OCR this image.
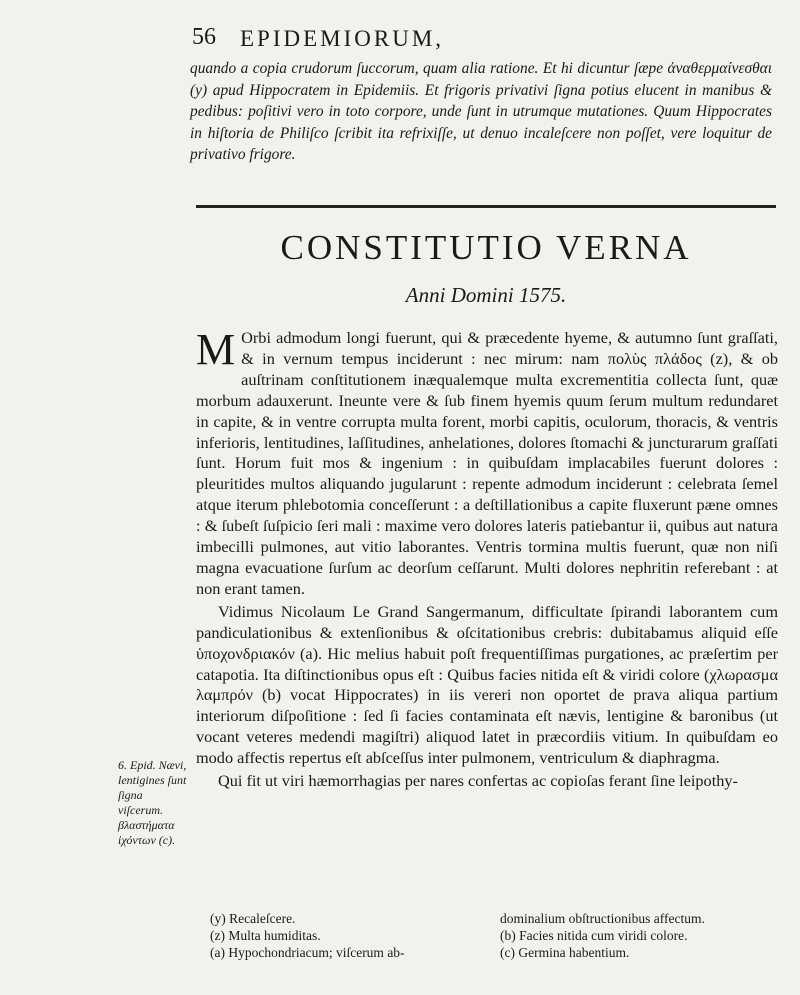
56 EPIDEMIORUM,
quando a copia crudorum ſuccorum, quam alia ratione. Et hi dicuntur ſæpe ἀναθερμαίνεσθαι (y) apud Hippocratem in Epidemiis. Et frigoris privativi ſigna potius elucent in manibus & pedibus: poſitivi vero in toto corpore, unde ſunt in utrumque mutationes. Quum Hippocrates in hiſtoria de Philiſco ſcribit ita refrixiſſe, ut denuo incaleſcere non poſſet, vere loquitur de privativo frigore.
CONSTITUTIO VERNA
Anni Domini 1575.

M Orbi admodum longi fuerunt, qui & præcedente hyeme, & autumno ſunt graſſati, & in vernum tempus inciderunt : nec mirum: nam πολὺς πλάδος (z), & ob auſtrinam conſtitutionem inæqualemque multa excrementitia collecta ſunt, quæ morbum adauxerunt. Ineunte vere & ſub finem hyemis quum ſerum multum redundaret in capite, & in ventre corrupta multa forent, morbi capitis, oculorum, thoracis, & ventris inferioris, lentitudines, laſſitudines, anhelationes, dolores ſtomachi & juncturarum graſſati ſunt. Horum fuit mos & ingenium : in quibuſdam implacabiles fuerunt dolores : pleuritides multos aliquando jugularunt : repente admodum inciderunt : celebrata ſemel atque iterum phlebotomia conceſſerunt : a deſtillationibus a capite fluxerunt pæne omnes : & ſubeſt ſuſpicio ſeri mali : maxime vero dolores lateris patiebantur ii, quibus aut natura imbecilli pulmones, aut vitio laborantes. Ventris tormina multis fuerunt, quæ non niſi magna evacuatione ſurſum ac deorſum ceſſarunt. Multi dolores nephritin referebant : at non erant tamen.

Vidimus Nicolaum Le Grand Sangermanum, difficultate ſpirandi laborantem cum pandiculationibus & extenſionibus & oſcitationibus crebris: dubitabamus aliquid eſſe ὑποχονδριακόν (a). Hic melius habuit poſt frequentiſſimas purgationes, ac præſertim per catapotia. Ita diſtinctionibus opus eſt : Quibus facies nitida eſt & viridi colore (χλωρασμα λαμπρόν (b) vocat Hippocrates) in iis vereri non oportet de prava aliqua partium interiorum diſpoſitione : ſed ſi facies contaminata eſt nævis, lentigine & baronibus (ut vocant veteres medendi magiſtri) aliquod latet in præcordiis vitium. In quibuſdam eo modo affectis repertus eſt abſceſſus inter pulmonem, ventriculum & diaphragma.

Qui fit ut viri hæmorrhagias per nares confertas ac copioſas ferant ſine leipothy-

6. Epid. Nævi, lentigines ſunt ſigna viſcerum. βλαστήματα ἰχόντων (c).
(y) Recaleſcere.
(z) Multa humiditas.
(a) Hypochondriacum; viſcerum ab-
dominalium obſtructionibus affectum.
(b) Facies nitida cum viridi colore.
(c) Germina habentium.
